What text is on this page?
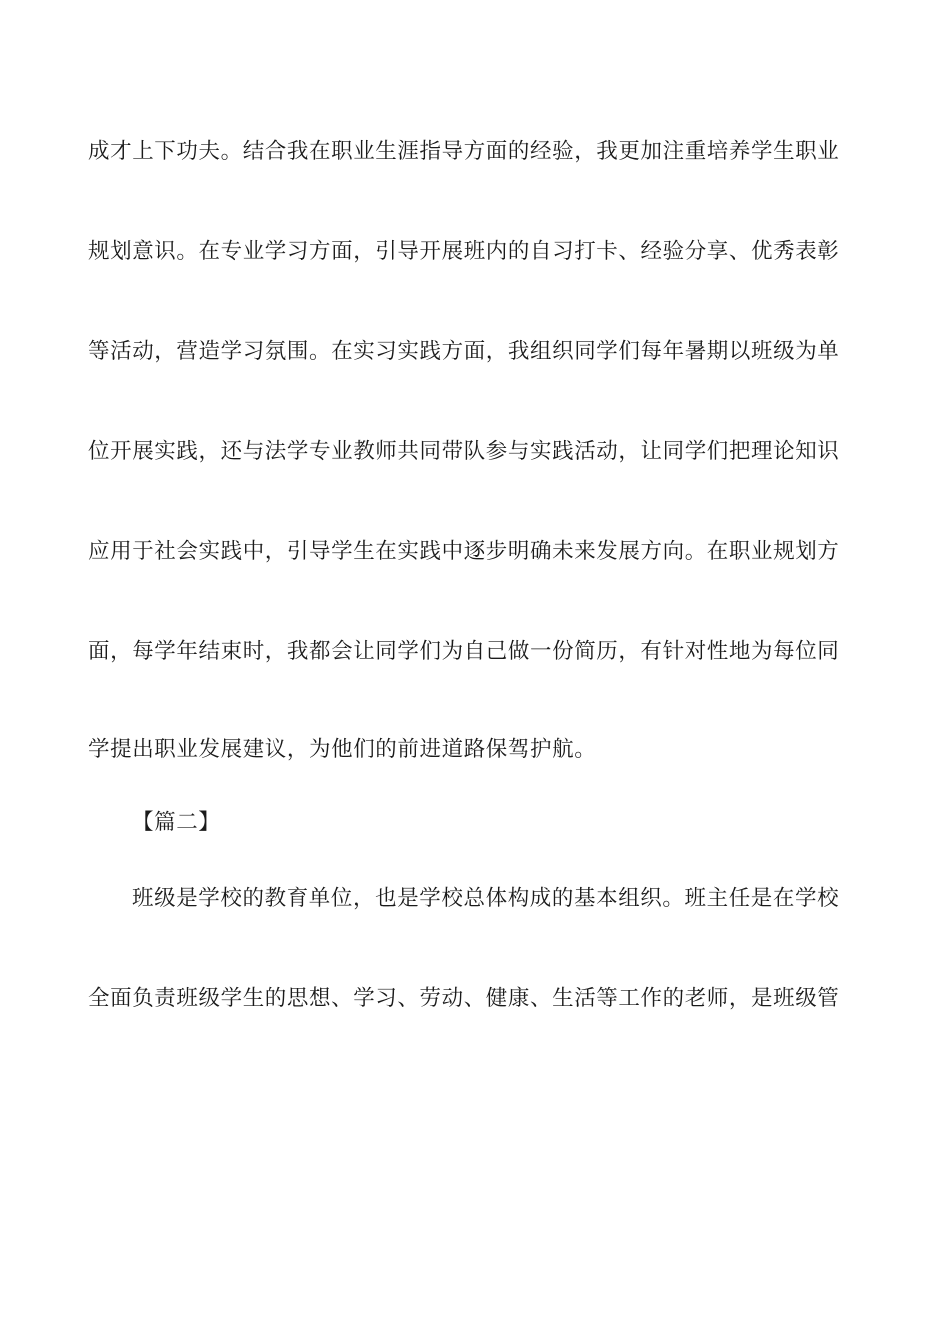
成才上下功夫。结合我在职业生涯指导方面的经验，我更加注重培养学生职业
规划意识。在专业学习方面，引导开展班内的自习打卡、经验分享、优秀表彰
等活动，营造学习氛围。在实习实践方面，我组织同学们每年暑期以班级为单
位开展实践，还与法学专业教师共同带队参与实践活动，让同学们把理论知识
应用于社会实践中，引导学生在实践中逐步明确未来发展方向。在职业规划方
面，每学年结束时，我都会让同学们为自己做一份简历，有针对性地为每位同
学提出职业发展建议，为他们的前进道路保驾护航。
【篇二】
班级是学校的教育单位，也是学校总体构成的基本组织。班主任是在学校
全面负责班级学生的思想、学习、劳动、健康、生活等工作的老师，是班级管
